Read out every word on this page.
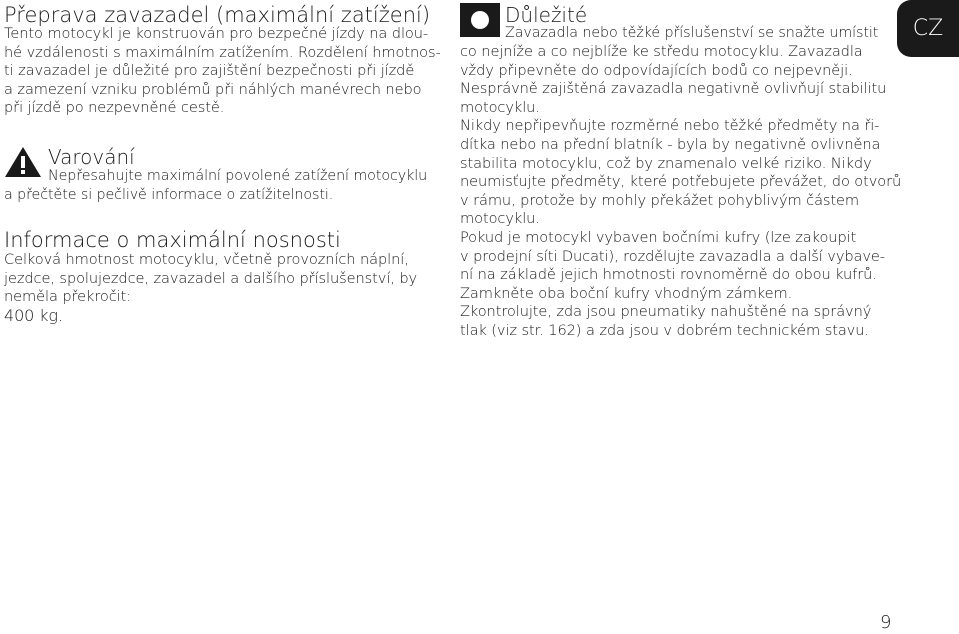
Přeprava zavazadel (maximální zatížení)
Tento motocykl je konstruován pro bezpečné jízdy na dlou-
hé vzdálenosti s maximálním zatížením. Rozdělení hmotnos-
ti zavazadel je důležité pro zajištění bezpečnosti při jízdě
a zamezení vzniku problémů při náhlých manévrech nebo
při jízdě po nezpevněné cestě.
Varování
Nepřesahujte maximální povolené zatížení motocyklu
a přečtěte si pečlivě informace o zatížitelnosti.
Informace o maximální nosnosti
Celková hmotnost motocyklu, včetně provozních náplní,
jezdce, spolujezdce, zavazadel a dalšího příslušenství, by
neměla překročit:
400 kg.
Důležité
Zavazadla nebo těžké příslušenství se snažte umístit
co nejníže a co nejblíže ke středu motocyklu. Zavazadla
vždy připevněte do odpovídajících bodů co nejpevněji.
Nesprávně zajištěná zavazadla negativně ovlivňují stabilitu
motocyklu.
Nikdy nepřipevňujte rozměrné nebo těžké předměty na ři-
dítka nebo na přední blatník - byla by negativně ovlivněna
stabilita motocyklu, což by znamenalo velké riziko. Nikdy
neumisťujte předměty, které potřebujete převážet, do otvorů
v rámu, protože by mohly překážet pohyblivým částem
motocyklu.
Pokud je motocykl vybaven bočními kufry (lze zakoupit
v prodejní síti Ducati), rozdělujte zavazadla a další vybave-
ní na základě jejich hmotnosti rovnoměrně do obou kufrů.
Zamkněte oba boční kufry vhodným zámkem.
Zkontrolujte, zda jsou pneumatiky nahuštěné na správný
tlak (viz str. 162) a zda jsou v dobrém technickém stavu.
CZ
9
